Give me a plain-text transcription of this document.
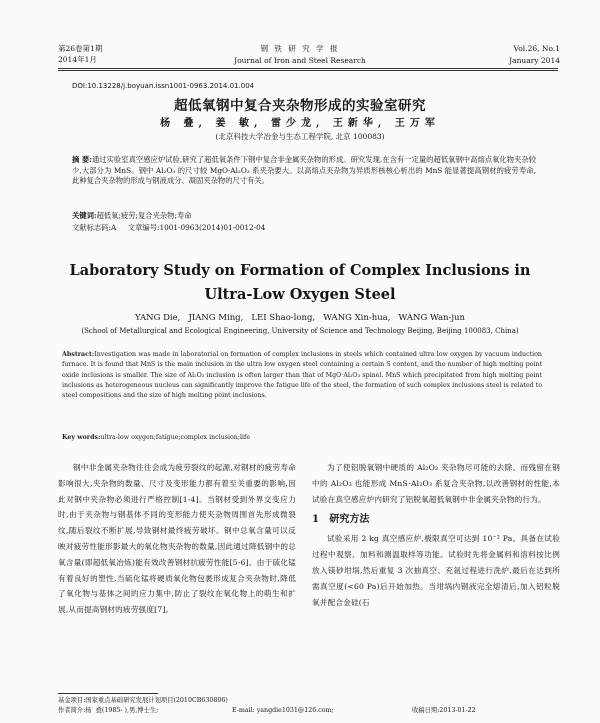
第26卷第1期
2014年1月
钢 铁 研 究 学 报
Journal of Iron and Steel Research
Vol.26, No.1
January 2014
DOI:10.13228/j.boyuan.issn1001-0963.2014.01.004
超低氧钢中复合夹杂物形成的实验室研究
杨 叠, 姜 敏, 雷少龙, 王新华, 王万军
(北京科技大学冶金与生态工程学院, 北京 100083)
摘 要:通过实验室真空感应炉试验,研究了超低氧条件下钢中复合非金属夹杂物的形成。研究发现,在含有一定量的超低氧钢中高熔点氧化物夹杂较少,大部分为 MnS。钢中 Al₂O₃ 的尺寸较 MgO·Al₂O₃ 系夹杂要大。以高熔点夹杂物为异质形核核心析出的 MnS 能显著提高钢材的疲劳寿命,此种复合夹杂物的形成与钢液成分、凝固夹杂物的尺寸有关。
关键词:超低氧;疲劳;复合夹杂物;寿命
文献标志码:A     文章编号:1001-0963(2014)01-0012-04
Laboratory Study on Formation of Complex Inclusions in
Ultra-Low Oxygen Steel
YANG Die,   JIANG Ming,   LEI Shao-long,   WANG Xin-hua,   WANG Wan-jun
(School of Metallurgical and Ecological Engineering, University of Science and Technology Beijing, Beijing 100083, China)
Abstract:Investigation was made in laboratorial on formation of complex inclusions in steels which contained ultra low oxygen by vacuum induction furnace. It is found that MnS is the main inclusion in the ultra low oxygen steel containing a certain S content, and the number of high melting point oxide inclusions is smaller. The size of Al₂O₃ inclusion is often larger than that of MgO·Al₂O₃ spinel. MnS which precipitated from high melting point inclusions as heterogeneous nucleus can significantly improve the fatigue life of the steel, the formation of such complex inclusions steel is related to steel compositions and the size of high melting point inclusions.
Key words:ultra-low oxygen;fatigue;complex inclusion;life
钢中非金属夹杂物往往会成为疲劳裂纹的起源,对钢材的疲劳寿命影响很大,夹杂物的数量、尺寸及变形能力都有着至关重要的影响,因此对钢中夹杂物必须进行严格控制[1-4]。当钢材受到外界交变应力时,由于夹杂物与钢基体不同的变形能力使夹杂物周围首先形成微裂纹,随后裂纹不断扩展,导致钢材最终疲劳破坏。钢中总氧含量可以反映对疲劳性能形影最大的氧化物夹杂物的数量,因此通过降低钢中的总氧含量(即超低氧冶炼)能有效改善钢材抗疲劳性能[5-6]。由于硫化锰有着良好的塑性,当硫化锰将硬质氧化物包裹形成复合夹杂物时,降低了氧化物与基体之间的应力集中,防止了裂纹在氧化物上的萌生和扩展,从而提高钢材的疲劳强度[7]。
为了使铝脱氧钢中硬质的 Al₂O₃ 夹杂物尽可能的去除、而残留在钢中的 Al₂O₃ 也能形成 MnS-Al₂O₃ 系复合夹杂物,以改善钢材的性能,本试验在真空感应炉内研究了铝脱氧超低氧钢中非金属夹杂物的行为。
1   研究方法
试验采用 2 kg 真空感应炉,极限真空可达到 10⁻² Pa。具备在试验过程中观察、加料和测温取样等功能。试验时先将金属料和溶料按比例放入镁砂坩埚,然后重复 3 次抽真空、充氩过程进行洗炉,最后在达到所需真空度(<60 Pa)后开始加热。当坩埚内钢液完全熔清后,加入铝粒脱氧并配合金硅(石
基金项目:国家重点基础研究发展计划项目(2010CB630806)
作者简介:杨  叠(1985- ),男,博士生;	E-mail: yangdie1031@126.com;	收稿日期:2013-01-22
